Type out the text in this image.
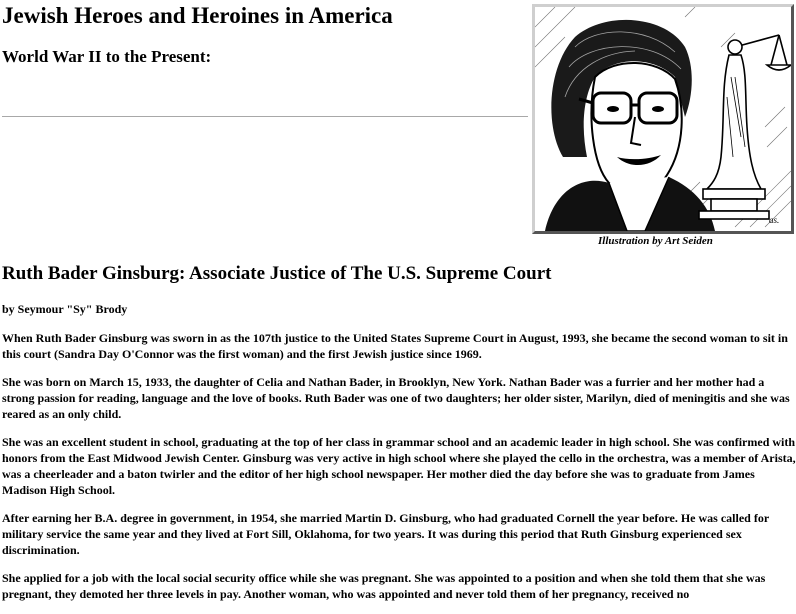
Jewish Heroes and Heroines in America
World War II to the Present:
as.
Illustration by Art Seiden
Ruth Bader Ginsburg: Associate Justice of The U.S. Supreme Court

by Seymour "Sy" Brody

When Ruth Bader Ginsburg was sworn in as the 107th justice to the United States Supreme Court in August, 1993, she became the second woman to sit in this court (Sandra Day O'Connor was the first woman) and the first Jewish justice since 1969.

She was born on March 15, 1933, the daughter of Celia and Nathan Bader, in Brooklyn, New York. Nathan Bader was a furrier and her mother had a strong passion for reading, language and the love of books. Ruth Bader was one of two daughters; her older sister, Marilyn, died of meningitis and she was reared as an only child.

She was an excellent student in school, graduating at the top of her class in grammar school and an academic leader in high school. She was confirmed with honors from the East Midwood Jewish Center. Ginsburg was very active in high school where she played the cello in the orchestra, was a member of Arista, was a cheerleader and a baton twirler and the editor of her high school newspaper. Her mother died the day before she was to graduate from James Madison High School.

After earning her B.A. degree in government, in 1954, she married Martin D. Ginsburg, who had graduated Cornell the year before. He was called for military service the same year and they lived at Fort Sill, Oklahoma, for two years. It was during this period that Ruth Ginsburg experienced sex discrimination.

She applied for a job with the local social security office while she was pregnant. She was appointed to a position and when she told them that she was pregnant, they demoted her three levels in pay. Another woman, who was appointed and never told them of her pregnancy, received no
